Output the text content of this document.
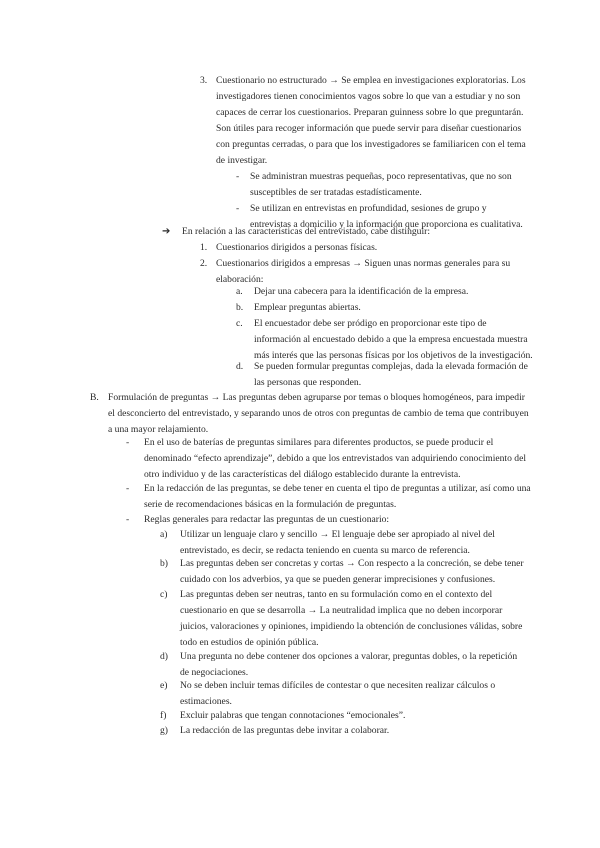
3. Cuestionario no estructurado → Se emplea en investigaciones exploratorias. Los
investigadores tienen conocimientos vagos sobre lo que van a estudiar y no son
capaces de cerrar los cuestionarios. Preparan guinness sobre lo que preguntarán.
Son útiles para recoger información que puede servir para diseñar cuestionarios
con preguntas cerradas, o para que los investigadores se familiaricen con el tema
de investigar.
- Se administran muestras pequeñas, poco representativas, que no son
susceptibles de ser tratadas estadísticamente.
- Se utilizan en entrevistas en profundidad, sesiones de grupo y
entrevistas a domicilio y la información que proporciona es cualitativa.
➔ En relación a las características del entrevistado, cabe distinguir:
1. Cuestionarios dirigidos a personas físicas.
2. Cuestionarios dirigidos a empresas → Siguen unas normas generales para su
elaboración:
a. Dejar una cabecera para la identificación de la empresa.
b. Emplear preguntas abiertas.
c. El encuestador debe ser pródigo en proporcionar este tipo de
información al encuestado debido a que la empresa encuestada muestra
más interés que las personas físicas por los objetivos de la investigación.
d. Se pueden formular preguntas complejas, dada la elevada formación de
las personas que responden.
B. Formulación de preguntas → Las preguntas deben agruparse por temas o bloques homogéneos, para impedir
el desconcierto del entrevistado, y separando unos de otros con preguntas de cambio de tema que contribuyen
a una mayor relajamiento.
- En el uso de baterías de preguntas similares para diferentes productos, se puede producir el
denominado “efecto aprendizaje”, debido a que los entrevistados van adquiriendo conocimiento del
otro individuo y de las características del diálogo establecido durante la entrevista.
- En la redacción de las preguntas, se debe tener en cuenta el tipo de preguntas a utilizar, así como una
serie de recomendaciones básicas en la formulación de preguntas.
- Reglas generales para redactar las preguntas de un cuestionario:
a) Utilizar un lenguaje claro y sencillo → El lenguaje debe ser apropiado al nivel del
entrevistado, es decir, se redacta teniendo en cuenta su marco de referencia.
b) Las preguntas deben ser concretas y cortas → Con respecto a la concreción, se debe tener
cuidado con los adverbios, ya que se pueden generar imprecisiones y confusiones.
c) Las preguntas deben ser neutras, tanto en su formulación como en el contexto del
cuestionario en que se desarrolla → La neutralidad implica que no deben incorporar
juicios, valoraciones y opiniones, impidiendo la obtención de conclusiones válidas, sobre
todo en estudios de opinión pública.
d) Una pregunta no debe contener dos opciones a valorar, preguntas dobles, o la repetición
de negociaciones.
e) No se deben incluir temas difíciles de contestar o que necesiten realizar cálculos o
estimaciones.
f) Excluir palabras que tengan connotaciones “emocionales”.
g) La redacción de las preguntas debe invitar a colaborar.
